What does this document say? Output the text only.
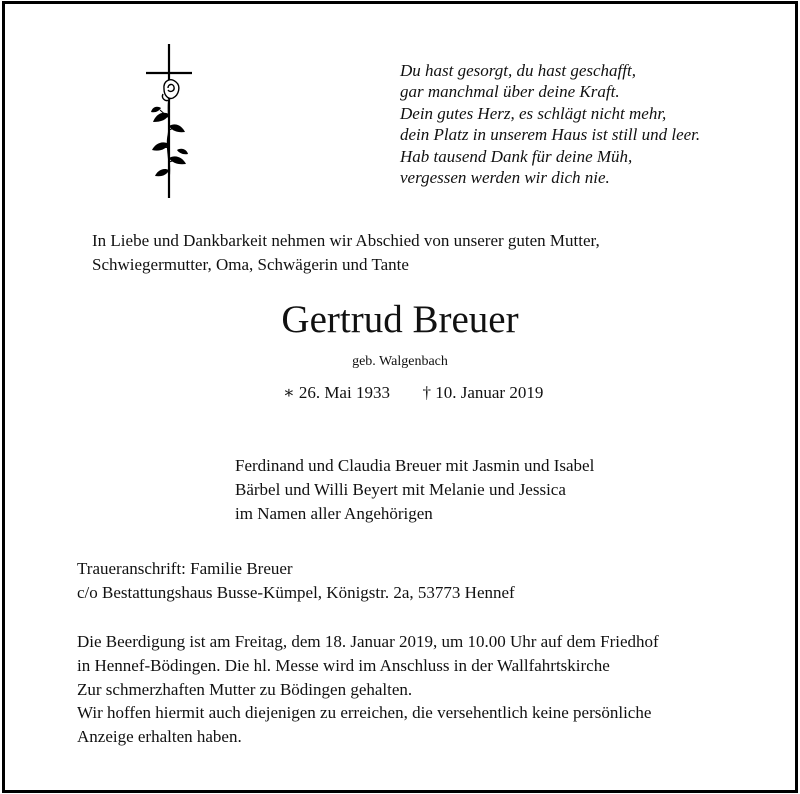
Du hast gesorgt, du hast geschafft,
gar manchmal über deine Kraft.
Dein gutes Herz, es schlägt nicht mehr,
dein Platz in unserem Haus ist still und leer.
Hab tausend Dank für deine Müh,
vergessen werden wir dich nie.
In Liebe und Dankbarkeit nehmen wir Abschied von unserer guten Mutter,
Schwiegermutter, Oma, Schwägerin und Tante
Gertrud Breuer
geb. Walgenbach
∗ 26. Mai 1933 † 10. Januar 2019
Ferdinand und Claudia Breuer mit Jasmin und Isabel
Bärbel und Willi Beyert mit Melanie und Jessica
im Namen aller Angehörigen
Traueranschrift: Familie Breuer
c/o Bestattungshaus Busse-Kümpel, Königstr. 2a, 53773 Hennef
Die Beerdigung ist am Freitag, dem 18. Januar 2019, um 10.00 Uhr auf dem Friedhof
in Hennef-Bödingen. Die hl. Messe wird im Anschluss in der Wallfahrtskirche
Zur schmerzhaften Mutter zu Bödingen gehalten.
Wir hoffen hiermit auch diejenigen zu erreichen, die versehentlich keine persönliche
Anzeige erhalten haben.
